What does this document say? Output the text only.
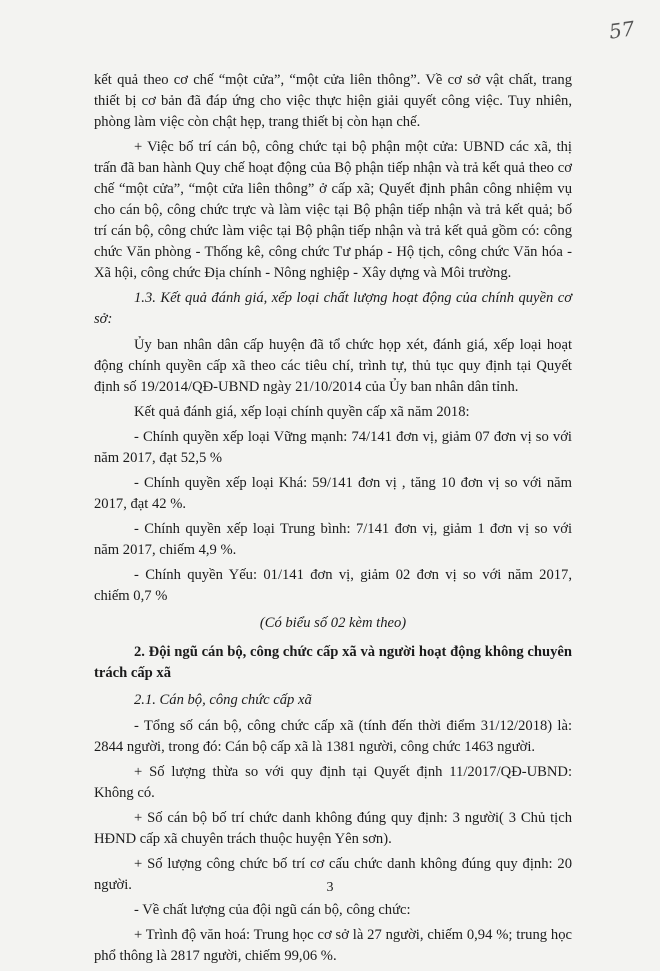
57

kết quả theo cơ chế “một cửa”, “một cửa liên thông”. Về cơ sở vật chất, trang thiết bị cơ bản đã đáp ứng cho việc thực hiện giải quyết công việc. Tuy nhiên, phòng làm việc còn chật hẹp, trang thiết bị còn hạn chế.

+ Việc bố trí cán bộ, công chức tại bộ phận một cửa: UBND các xã, thị trấn đã ban hành Quy chế hoạt động của Bộ phận tiếp nhận và trả kết quả theo cơ chế “một cửa”, “một cửa liên thông” ở cấp xã; Quyết định phân công nhiệm vụ cho cán bộ, công chức trực và làm việc tại Bộ phận tiếp nhận và trả kết quả; bố trí cán bộ, công chức làm việc tại Bộ phận tiếp nhận và trả kết quả gồm có: công chức Văn phòng - Thống kê, công chức Tư pháp - Hộ tịch, công chức Văn hóa - Xã hội, công chức Địa chính - Nông nghiệp - Xây dựng và Môi trường.

1.3. Kết quả đánh giá, xếp loại chất lượng hoạt động của chính quyền cơ sở:

Ủy ban nhân dân cấp huyện đã tổ chức họp xét, đánh giá, xếp loại hoạt động chính quyền cấp xã theo các tiêu chí, trình tự, thủ tục quy định tại Quyết định số 19/2014/QĐ-UBND ngày 21/10/2014 của Ủy ban nhân dân tỉnh.

Kết quả đánh giá, xếp loại chính quyền cấp xã năm 2018:

- Chính quyền xếp loại Vững mạnh: 74/141 đơn vị, giảm 07 đơn vị so với năm 2017, đạt 52,5 %

- Chính quyền xếp loại Khá: 59/141 đơn vị , tăng 10 đơn vị so với năm 2017, đạt 42 %.

- Chính quyền xếp loại Trung bình: 7/141 đơn vị, giảm 1 đơn vị so với năm 2017, chiếm 4,9 %.

- Chính quyền Yếu: 01/141 đơn vị, giảm 02 đơn vị so với năm 2017, chiếm 0,7 %

(Có biểu số 02 kèm theo)

2. Đội ngũ cán bộ, công chức cấp xã và người hoạt động không chuyên trách cấp xã

2.1. Cán bộ, công chức cấp xã

- Tổng số cán bộ, công chức cấp xã (tính đến thời điểm 31/12/2018) là: 2844 người, trong đó: Cán bộ cấp xã là 1381 người, công chức 1463 người.

+ Số lượng thừa so với quy định tại Quyết định 11/2017/QĐ-UBND: Không có.

+ Số cán bộ bố trí chức danh không đúng quy định: 3 người( 3 Chủ tịch HĐND cấp xã chuyên trách thuộc huyện Yên sơn).

+ Số lượng công chức bố trí cơ cấu chức danh không đúng quy định: 20 người.

- Về chất lượng của đội ngũ cán bộ, công chức:

+ Trình độ văn hoá: Trung học cơ sở là 27 người, chiếm 0,94 %; trung học phổ thông là 2817 người, chiếm 99,06 %.

3
